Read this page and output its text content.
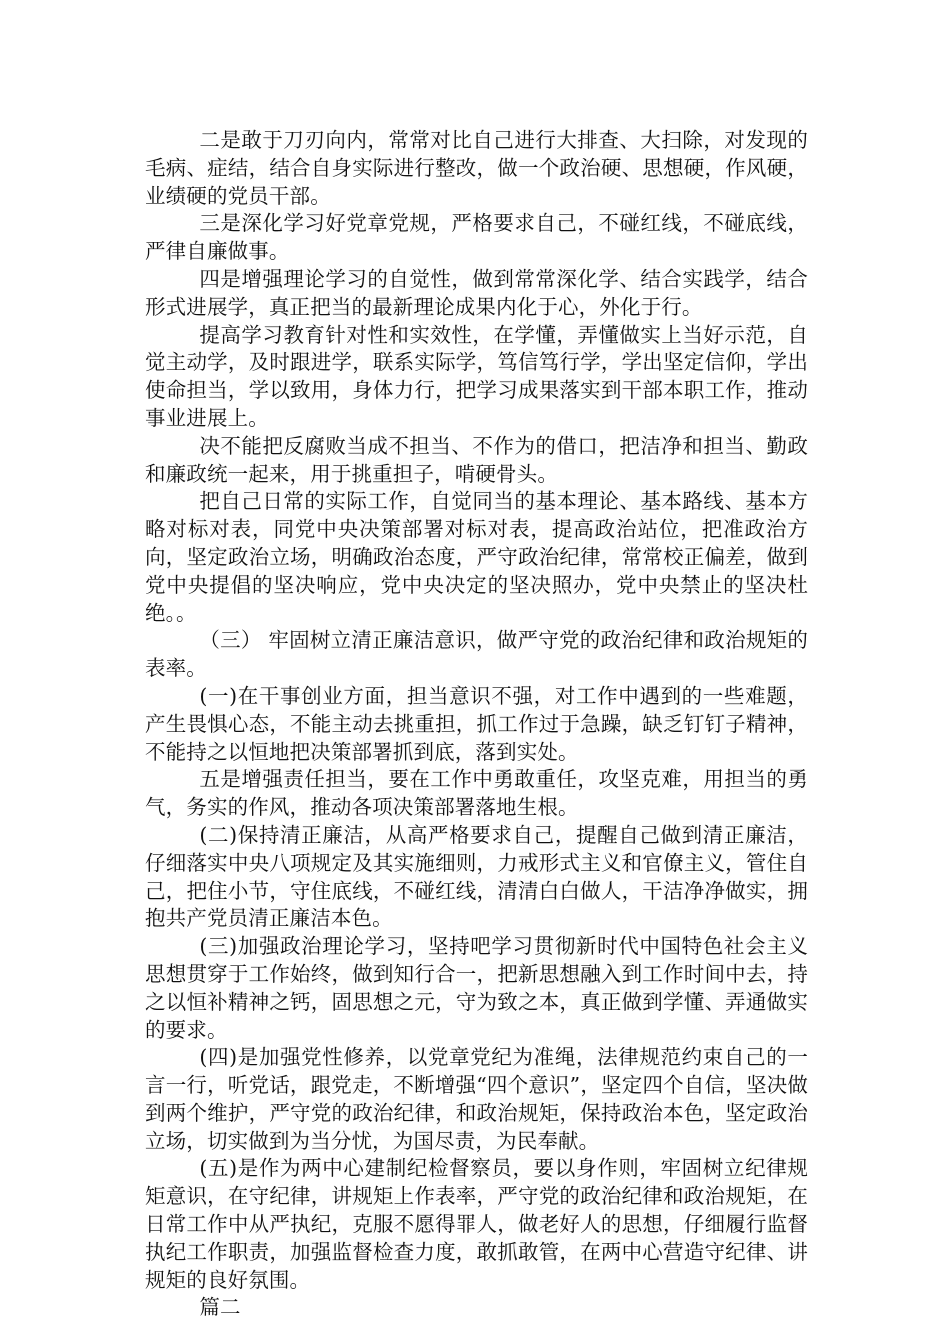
二是敢于刀刃向内，常常对比自己进行大排查、大扫除，对发现的毛病、症结，结合自身实际进行整改，做一个政治硬、思想硬，作风硬，业绩硬的党员干部。

三是深化学习好党章党规，严格要求自己，不碰红线，不碰底线，严律自廉做事。

四是增强理论学习的自觉性，做到常常深化学、结合实践学，结合形式进展学，真正把当的最新理论成果内化于心，外化于行。

提高学习教育针对性和实效性，在学懂，弄懂做实上当好示范，自觉主动学，及时跟进学，联系实际学，笃信笃行学，学出坚定信仰，学出使命担当，学以致用，身体力行，把学习成果落实到干部本职工作，推动事业进展上。

决不能把反腐败当成不担当、不作为的借口，把洁净和担当、勤政和廉政统一起来，用于挑重担子，啃硬骨头。

把自己日常的实际工作，自觉同当的基本理论、基本路线、基本方略对标对表，同党中央决策部署对标对表，提高政治站位，把准政治方向，坚定政治立场，明确政治态度，严守政治纪律，常常校正偏差，做到党中央提倡的坚决响应，党中央决定的坚决照办，党中央禁止的坚决杜绝。。

（三） 牢固树立清正廉洁意识，做严守党的政治纪律和政治规矩的表率。

(一)在干事创业方面，担当意识不强，对工作中遇到的一些难题，产生畏惧心态，不能主动去挑重担，抓工作过于急躁，缺乏钉钉子精神，不能持之以恒地把决策部署抓到底，落到实处。

五是增强责任担当，要在工作中勇敢重任，攻坚克难，用担当的勇气，务实的作风，推动各项决策部署落地生根。

(二)保持清正廉洁，从高严格要求自己，提醒自己做到清正廉洁，仔细落实中央八项规定及其实施细则，力戒形式主义和官僚主义，管住自己，把住小节，守住底线，不碰红线，清清白白做人，干洁净净做实，拥抱共产党员清正廉洁本色。

(三)加强政治理论学习，坚持吧学习贯彻新时代中国特色社会主义思想贯穿于工作始终，做到知行合一，把新思想融入到工作时间中去，持之以恒补精神之钙，固思想之元，守为致之本，真正做到学懂、弄通做实的要求。

(四)是加强党性修养，以党章党纪为准绳，法律规范约束自己的一言一行，听党话，跟党走，不断增强“四个意识”，坚定四个自信，坚决做到两个维护，严守党的政治纪律，和政治规矩，保持政治本色，坚定政治立场，切实做到为当分忧，为国尽责，为民奉献。

(五)是作为两中心建制纪检督察员，要以身作则，牢固树立纪律规矩意识，在守纪律，讲规矩上作表率，严守党的政治纪律和政治规矩，在日常工作中从严执纪，克服不愿得罪人，做老好人的思想，仔细履行监督执纪工作职责，加强监督检查力度，敢抓敢管，在两中心营造守纪律、讲规矩的良好氛围。

篇二
